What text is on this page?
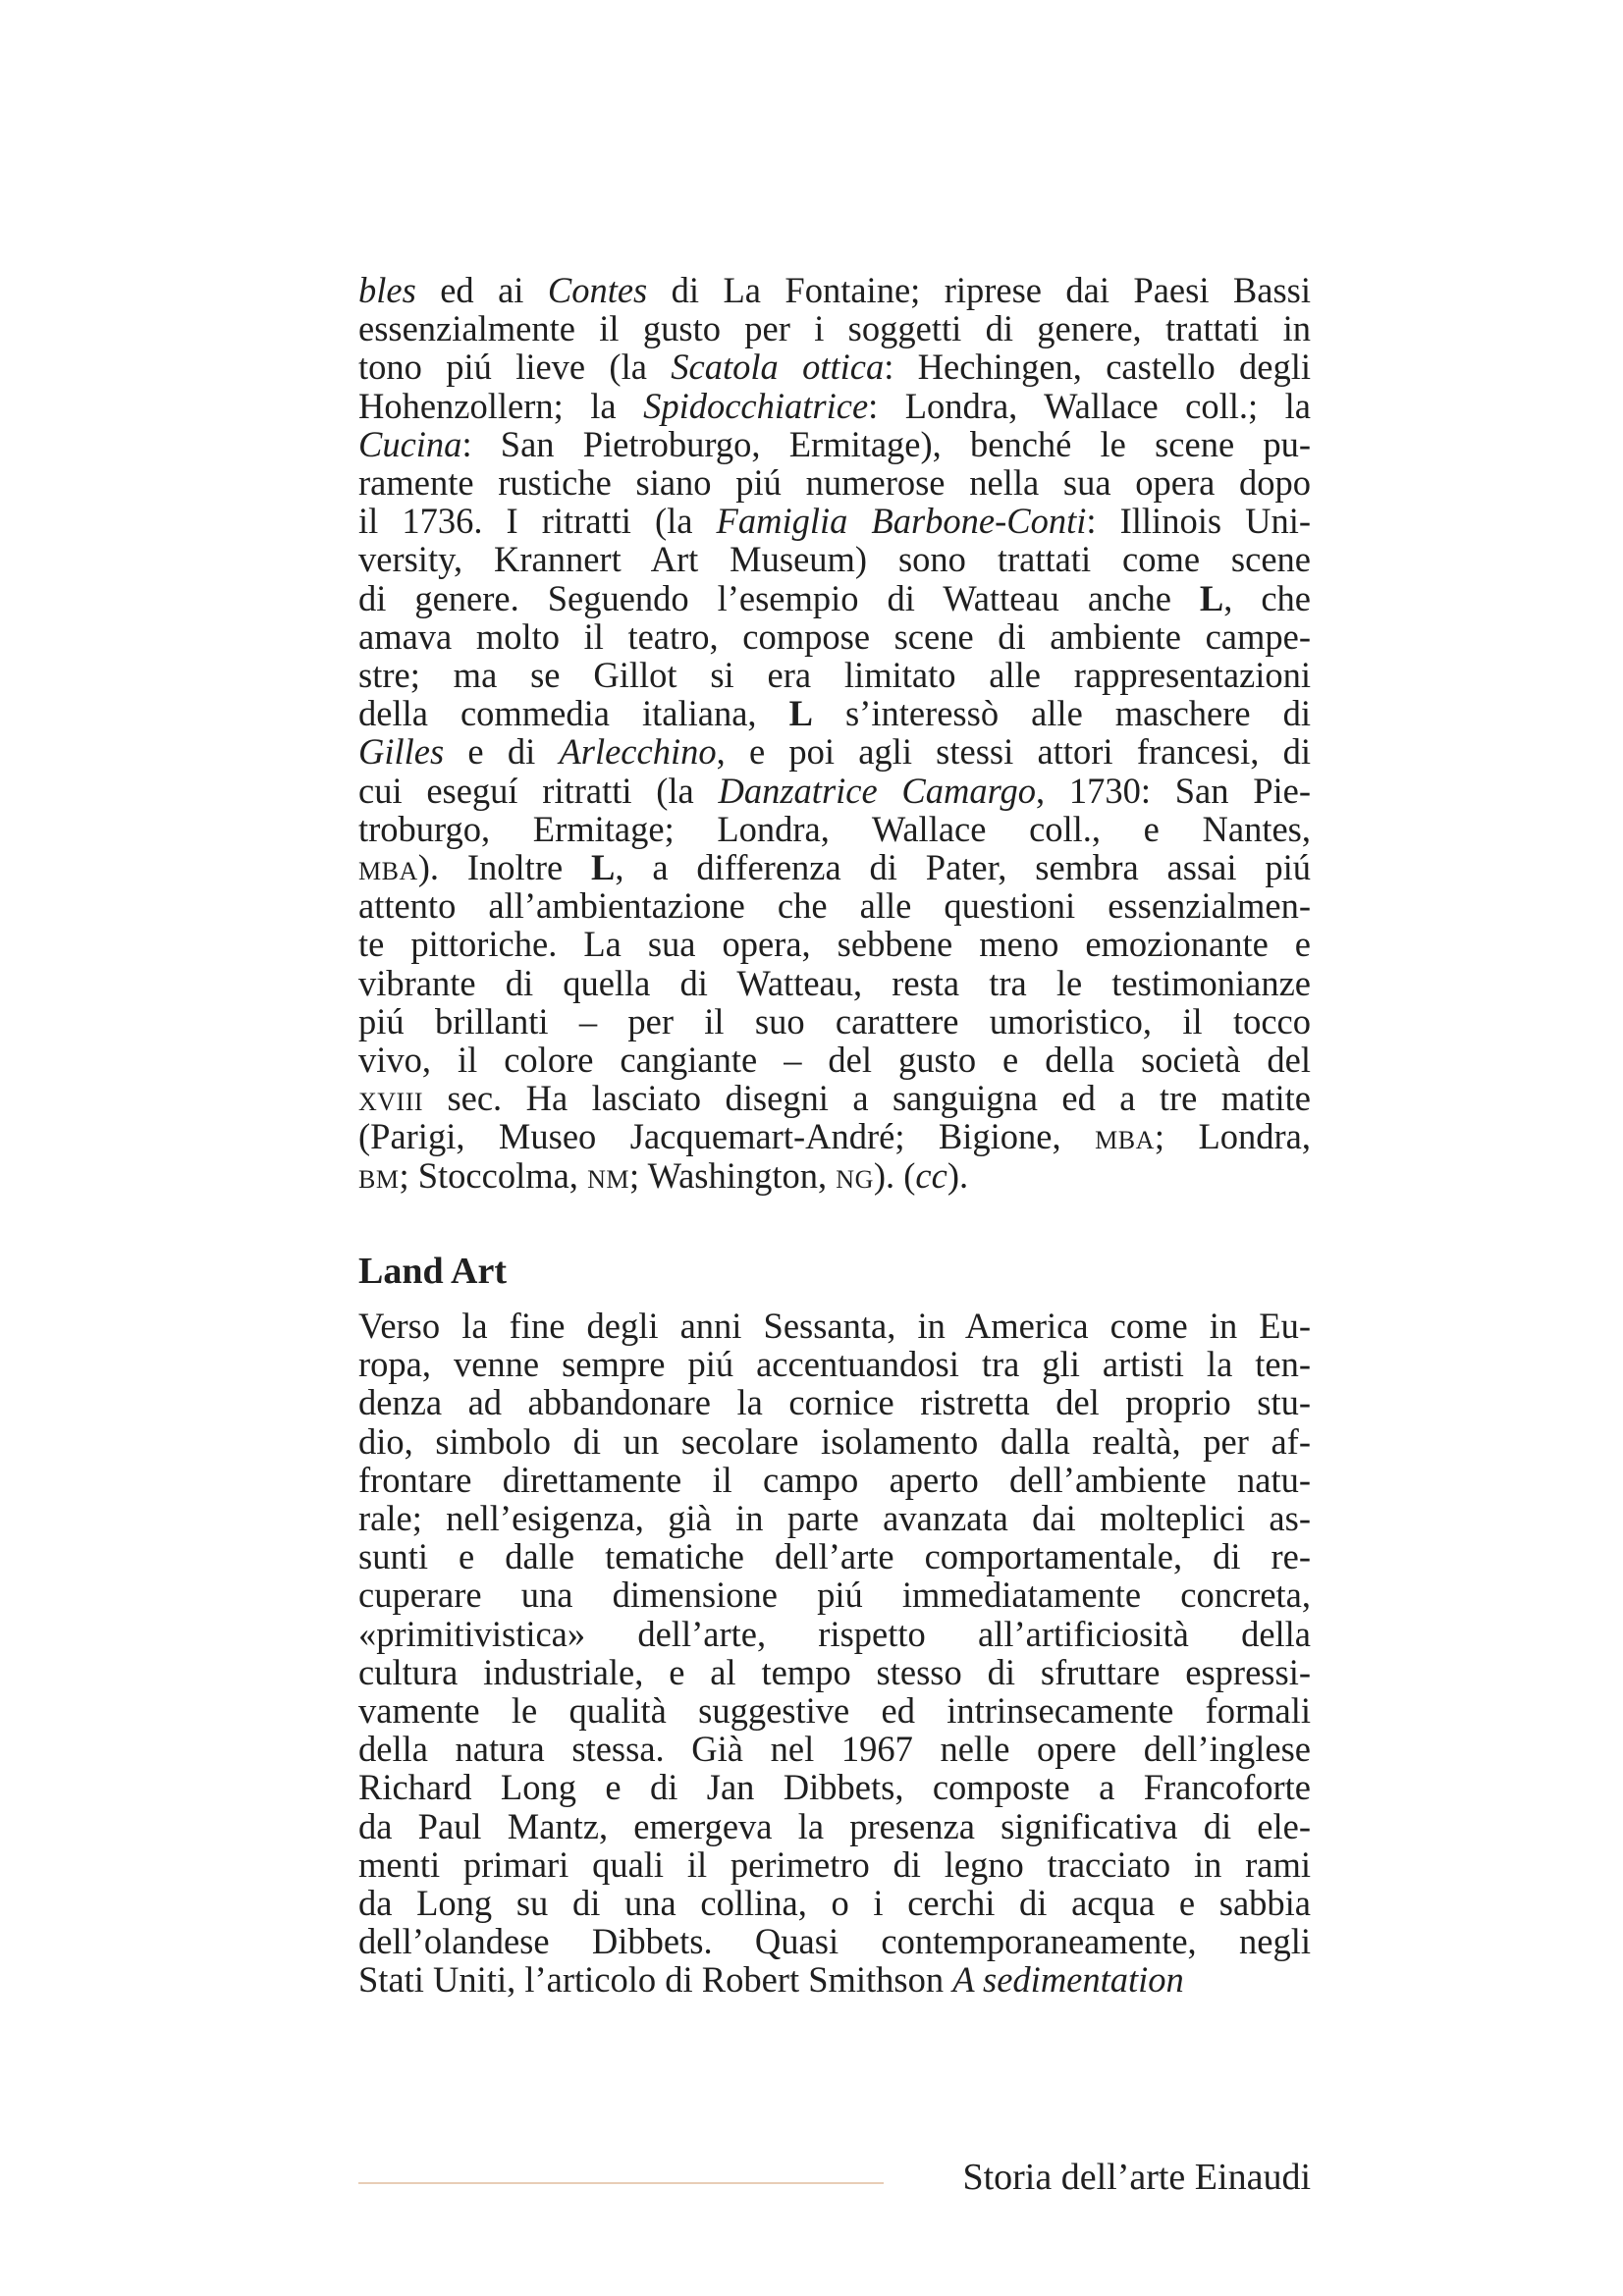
bles ed ai Contes di La Fontaine; riprese dai Paesi Bassi
essenzialmente il gusto per i soggetti di genere, trattati in
tono piú lieve (la Scatola ottica: Hechingen, castello degli
Hohenzollern; la Spidocchiatrice: Londra, Wallace coll.; la
Cucina: San Pietroburgo, Ermitage), benché le scene pu-
ramente rustiche siano piú numerose nella sua opera dopo
il 1736. I ritratti (la Famiglia Barbone-Conti: Illinois Uni-
versity, Krannert Art Museum) sono trattati come scene
di genere. Seguendo l’esempio di Watteau anche L, che
amava molto il teatro, compose scene di ambiente campe-
stre; ma se Gillot si era limitato alle rappresentazioni
della commedia italiana, L s’interessò alle maschere di
Gilles e di Arlecchino, e poi agli stessi attori francesi, di
cui eseguí ritratti (la Danzatrice Camargo, 1730: San Pie-
troburgo, Ermitage; Londra, Wallace coll., e Nantes,
mba). Inoltre L, a differenza di Pater, sembra assai piú
attento all’ambientazione che alle questioni essenzialmen-
te pittoriche. La sua opera, sebbene meno emozionante e
vibrante di quella di Watteau, resta tra le testimonianze
piú brillanti – per il suo carattere umoristico, il tocco
vivo, il colore cangiante – del gusto e della società del
xviii sec. Ha lasciato disegni a sanguigna ed a tre matite
(Parigi, Museo Jacquemart-André; Bigione, mba; Londra,
bm; Stoccolma, nm; Washington, ng). (cc).
Land Art
Verso la fine degli anni Sessanta, in America come in Eu-
ropa, venne sempre piú accentuandosi tra gli artisti la ten-
denza ad abbandonare la cornice ristretta del proprio stu-
dio, simbolo di un secolare isolamento dalla realtà, per af-
frontare direttamente il campo aperto dell’ambiente natu-
rale; nell’esigenza, già in parte avanzata dai molteplici as-
sunti e dalle tematiche dell’arte comportamentale, di re-
cuperare una dimensione piú immediatamente concreta,
«primitivistica» dell’arte, rispetto all’artificiosità della
cultura industriale, e al tempo stesso di sfruttare espressi-
vamente le qualità suggestive ed intrinsecamente formali
della natura stessa. Già nel 1967 nelle opere dell’inglese
Richard Long e di Jan Dibbets, composte a Francoforte
da Paul Mantz, emergeva la presenza significativa di ele-
menti primari quali il perimetro di legno tracciato in rami
da Long su di una collina, o i cerchi di acqua e sabbia
dell’olandese Dibbets. Quasi contemporaneamente, negli
Stati Uniti, l’articolo di Robert Smithson A sedimentation
Storia dell’arte Einaudi
